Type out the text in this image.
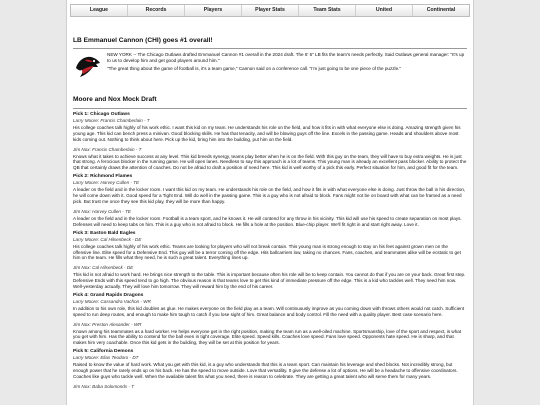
League	Records	Players	Player Stats	Team Stats	United	Continental
LB Emmanuel Cannon (CHI) goes #1 overall!

NEW YORK -- The Chicago Outlaws drafted Emmanuel Cannon #1 overall in the 2024 draft. The 6' 5" LB fits the team's needs perfectly. Said Outlaws general manager: "It's up to us to develop him and get good players around him."

"The great thing about the game of football is, it's a team game," Cannon said on a conference call. "I'm just going to be one piece of the puzzle."

Moore and Nox Mock Draft
Pick 1: Chicago Outlaws
Larry Moore: Francis Chamberlain - T
His college coaches talk highly of his work ethic. I want this kid on my team. He understands his role on the field, and how it fits in with what everyone else is doing. Amazing strength given his young age. This kid can bench press a minivan. Good blocking skills. He has that tenacity, and will be blowing guys off the line. Excels in the passing game. Heads and shoulders above most kids coming out. Nothing to think about here. Pick up the kid, bring him into the building, put him on the field.
Jim Nox: Francis Chamberlain - T
Knows what it takes to achieve success at any level. This kid breeds synergy, teams play better when he is on the field. With this guy on the team, they will have to buy extra weights. He is just that strong. A ferocious blocker in the running game. He will open lanes. Needless to say this approach is a lot of teams. This young man is already an excellent pass blocker. Ability to protect the QB that certainly draws the attention of coaches. Do not be afraid to draft a position of need here. This kid is well worthy of a pick this early. Perfect situation for him, and good fit for the team.
Pick 2: Richmond Flames
Larry Moore: Harvey Cullen - TE
A leader on the field and in the locker room. I want this kid on my team. He understands his role on the field, and how it fits in with what everyone else is doing. Just throw the ball in his direction, he will come down with it. Good speed for a Tight End. Will do well in the passing game. This is a guy who is not afraid to block. Fans might not be on board with what can be framed as a need pick. But trust me once they see this kid play, they will be more than happy.
Jim Nox: Harvey Cullen - TE
A leader on the field and in the locker room. Football is a team sport, and he knows it. He will contend for any throw in his vicinity. This kid will use his speed to create separation on most plays. Defenses will need to keep tabs on him. This is a guy who is not afraid to block. He fills a hole at the position. Blue-chip player. We'll fit right in and start right away. Love it.
Pick 3: Easton Bald Eagles
Larry Moore: Cal Hilsenbeck - DE
His college coaches talk highly of his work ethic. Teams are looking for players who will not break contain. This young man is strong enough to stay on his feet against grown men on the offensive line. Elite speed for a Defensive End. This guy will be a terror coming off the edge. Hits ballcarriers low, taking no chances. Fans, coaches, and teammates alike will be ecstatic to get him on the team. He fills what they need, he is such a great talent. Everything lines up.
Jim Nox: Cal Hilsenbeck - DE
This kid is not afraid to work hard. He brings nice strength to the table. This is important because often his role will be to keep contain. You cannot do that if you are on your back. Great first step. Defensive Ends with this speed tend to go high. The obvious reason is that teams love to get this kind of immediate pressure off the edge. This is a kid who tackles well. They need him now. Well-yesterday actually. They will love him tomorrow. They will reward him by the end of his career.
Pick 4: Grand Rapids Dragons
Larry Moore: Cassandra Vachon - WR
In addition to his own role, this kid doubles as glue. He makes everyone on the field play as a team. Will continuously improve as you coming down with throws others would not catch. Sufficient speed to run deep routes, and enough to make him tough to catch if you lose sight of him. Great balance and body control. Fill the need with a quality player. Best case scenario here.
Jim Nox: Preston Alexander - WR
Known among his teammates as a hard worker. He helps everyone get in the right position, making the team run as a well-oiled machine. Sportsmanship, love of the sport and respect, is what you get with him. Has the ability to contend for the ball even in tight coverage. Elite speed. Speed kills. Coaches love speed. Fans love speed. Opponents hate speed. He is sharp, and that makes him very coachable. Once this kid gets in the building, they will be set at this position for years.
Pick 5: California Demons
Larry Moore: Elias Teodoro - DT
Raised to know the value of hard work. What you get with this kid, is a guy who understands that this is a team sport. Can maintain his leverage and shed blocks. Not incredibly strong, but enough power that he rarely ends up on his back. He has the speed to move outside. Love that versatility. It give the defense a lot of options. He will be a headache to offensive coordinators. Coaches like guys who tackle well. When the available talent fits what you need, there is reason to celebrate. They are getting a great talent who will serve them for many years.
Jim Nox: Baba Solomonds - T
